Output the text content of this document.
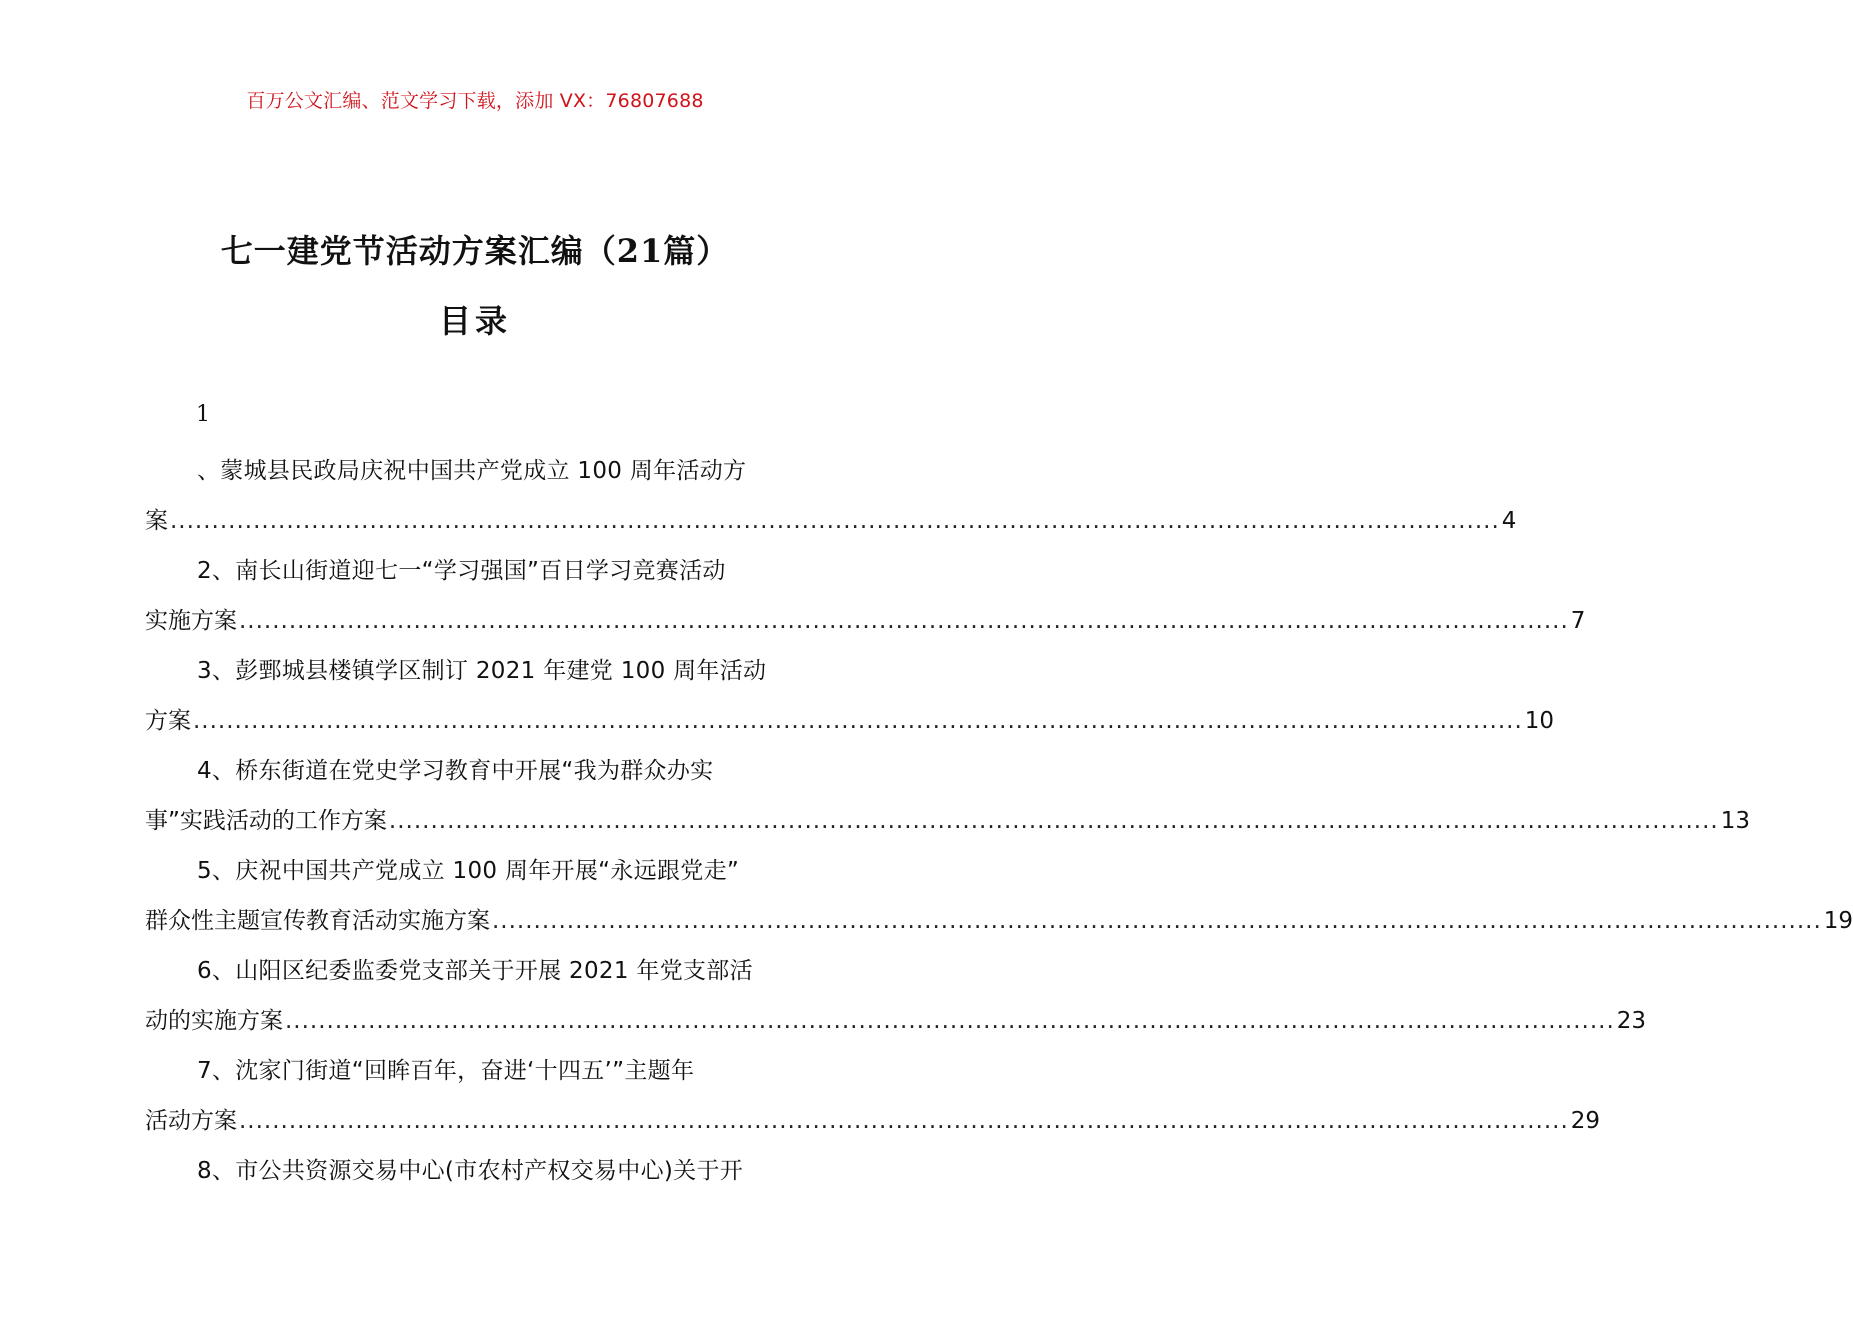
百万公文汇编、范文学习下载，添加 VX：76807688
七一建党节活动方案汇编（21篇）
目录
1
、蒙城县民政局庆祝中国共产党成立 100 周年活动方
案 ................................................................................................................................................................ 4
2、南长山街道迎七一“学习强国”百日学习竞赛活动
实施方案 ................................................................................................................................................................ 7
3、彭鄄城县楼镇学区制订 2021 年建党 100 周年活动
方案 ................................................................................................................................................................ 10
4、桥东街道在党史学习教育中开展“我为群众办实
事”实践活动的工作方案 ................................................................................................................................................................ 13
5、庆祝中国共产党成立 100 周年开展“永远跟党走”
群众性主题宣传教育活动实施方案 ................................................................................................................................................................ 19
6、山阳区纪委监委党支部关于开展 2021 年党支部活
动的实施方案 ................................................................................................................................................................ 23
7、沈家门街道“回眸百年，奋进‘十四五’”主题年
活动方案 ................................................................................................................................................................ 29
8、市公共资源交易中心(市农村产权交易中心)关于开
